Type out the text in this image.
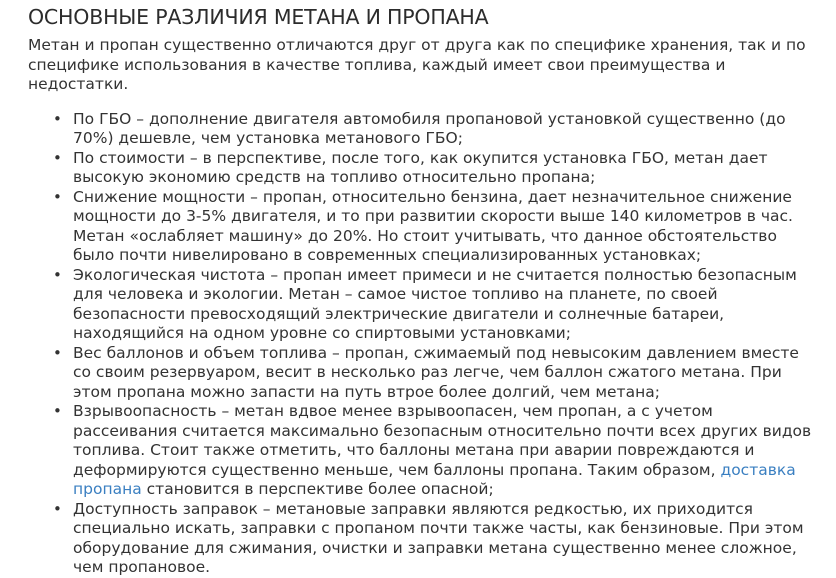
ОСНОВНЫЕ РАЗЛИЧИЯ МЕТАНА И ПРОПАНА

Метан и пропан существенно отличаются друг от друга как по специфике хранения, так и по специфике использования в качестве топлива, каждый имеет свои преимущества и недостатки.

• По ГБО – дополнение двигателя автомобиля пропановой установкой существенно (до 70%) дешевле, чем установка метанового ГБО;
• По стоимости – в перспективе, после того, как окупится установка ГБО, метан дает высокую экономию средств на топливо относительно пропана;
• Снижение мощности – пропан, относительно бензина, дает незначительное снижение мощности до 3-5% двигателя, и то при развитии скорости выше 140 километров в час. Метан «ослабляет машину» до 20%. Но стоит учитывать, что данное обстоятельство было почти нивелировано в современных специализированных установках;
• Экологическая чистота – пропан имеет примеси и не считается полностью безопасным для человека и экологии. Метан – самое чистое топливо на планете, по своей безопасности превосходящий электрические двигатели и солнечные батареи, находящийся на одном уровне со спиртовыми установками;
• Вес баллонов и объем топлива – пропан, сжимаемый под невысоким давлением вместе со своим резервуаром, весит в несколько раз легче, чем баллон сжатого метана. При этом пропана можно запасти на путь втрое более долгий, чем метана;
• Взрывоопасность – метан вдвое менее взрывоопасен, чем пропан, а с учетом рассеивания считается максимально безопасным относительно почти всех других видов топлива. Стоит также отметить, что баллоны метана при аварии повреждаются и деформируются существенно меньше, чем баллоны пропана. Таким образом, доставка пропана становится в перспективе более опасной;
• Доступность заправок – метановые заправки являются редкостью, их приходится специально искать, заправки с пропаном почти также часты, как бензиновые. При этом оборудование для сжимания, очистки и заправки метана существенно менее сложное, чем пропановое.
